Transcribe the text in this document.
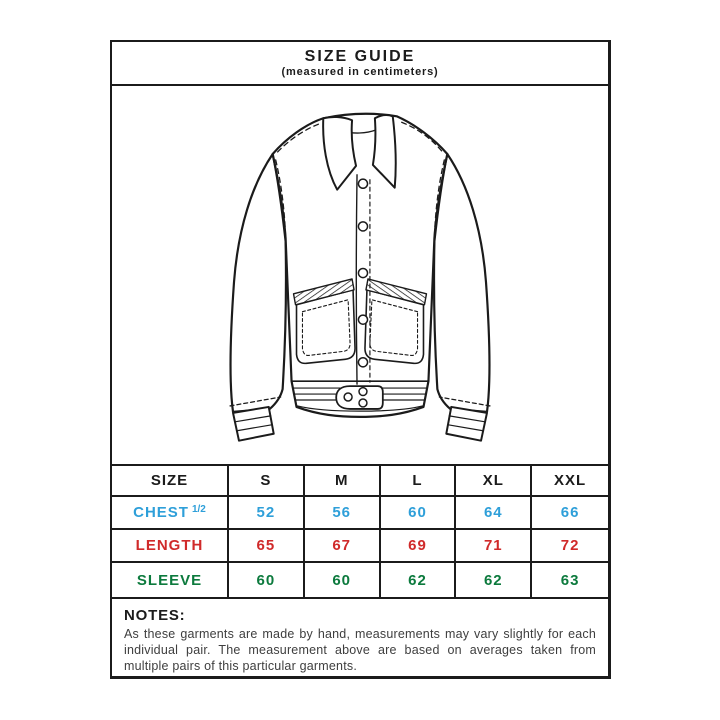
SIZE GUIDE
(measured in centimeters)
SIZE	S	M	L	XL	XXL
CHEST 1/2	52	56	60	64	66
LENGTH	65	67	69	71	72
SLEEVE	60	60	62	62	63
NOTES:
As these garments are made by hand, measurements may vary slightly for each individual pair. The measurement above are based on averages taken from multiple pairs of this particular garments.
